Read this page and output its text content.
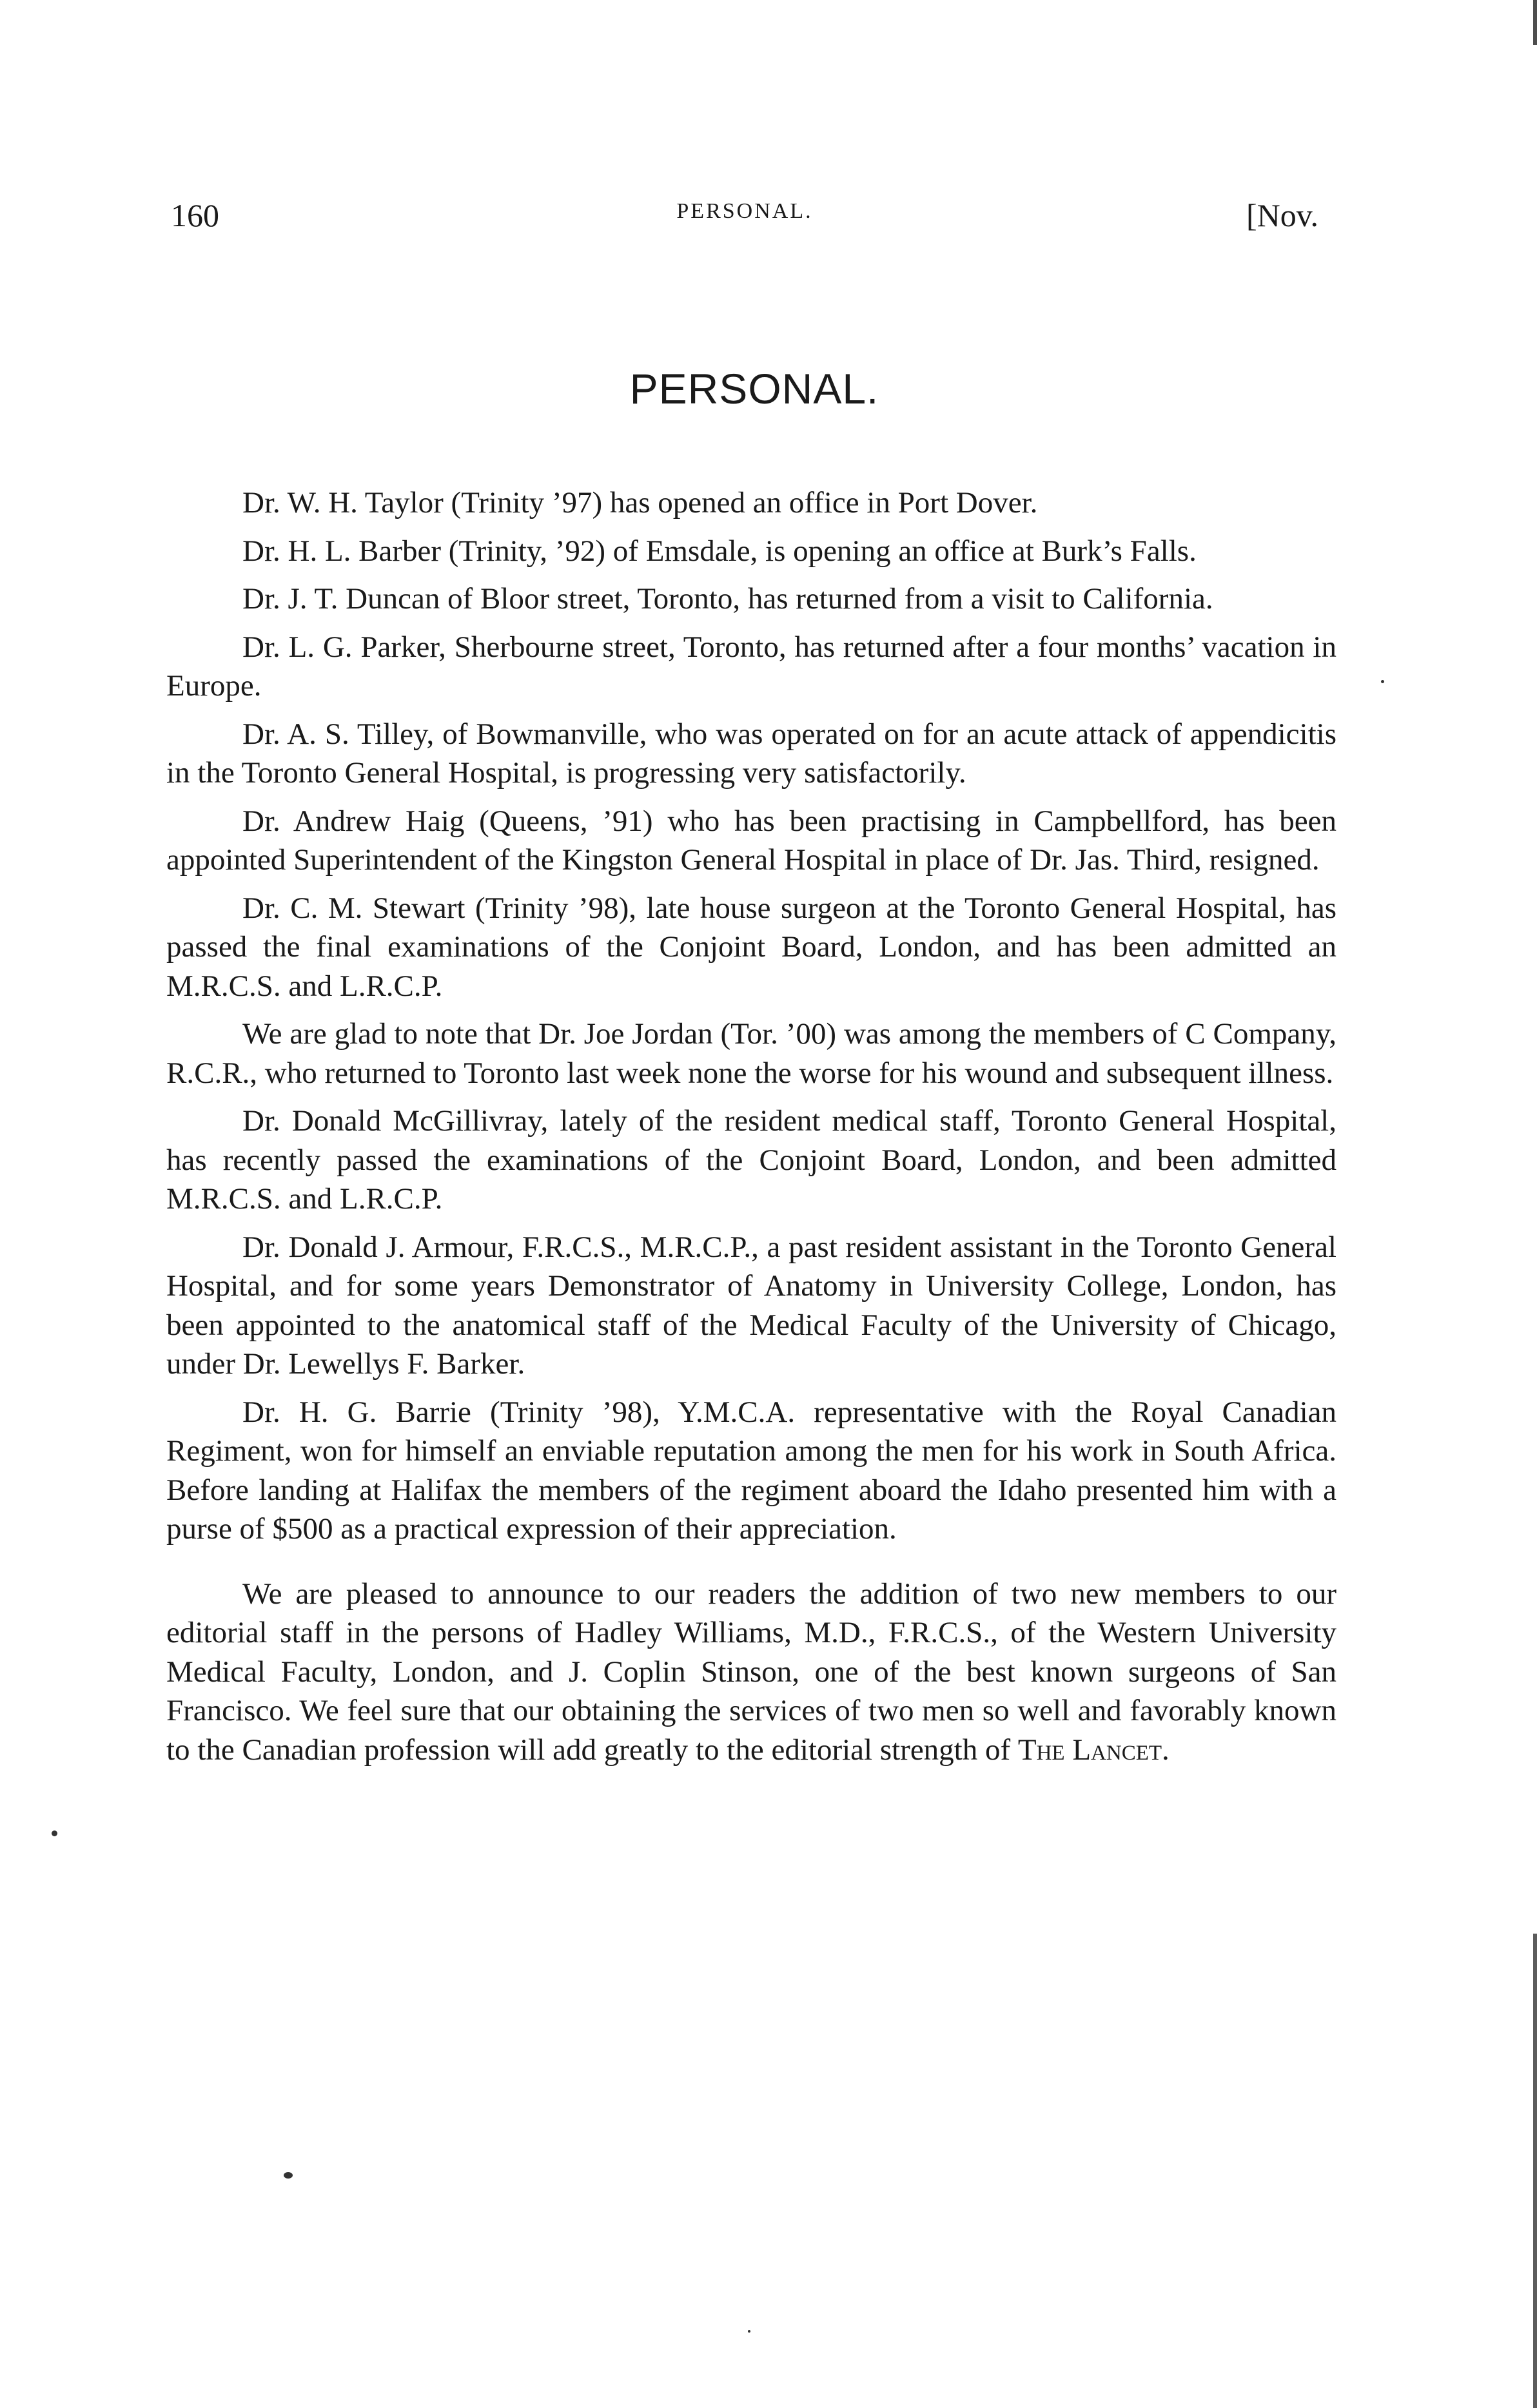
160	PERSONAL.	[Nov.
PERSONAL.

Dr. W. H. Taylor (Trinity ’97) has opened an office in Port Dover.

Dr. H. L. Barber (Trinity, ’92) of Emsdale, is opening an office at Burk’s Falls.

Dr. J. T. Duncan of Bloor street, Toronto, has returned from a visit to California.

Dr. L. G. Parker, Sherbourne street, Toronto, has returned after a four months’ vacation in Europe.

Dr. A. S. Tilley, of Bowmanville, who was operated on for an acute attack of appendicitis in the Toronto General Hospital, is progressing very satisfactorily.

Dr. Andrew Haig (Queens, ’91) who has been practising in Campbellford, has been appointed Superintendent of the Kingston General Hospital in place of Dr. Jas. Third, resigned.

Dr. C. M. Stewart (Trinity ’98), late house surgeon at the Toronto General Hospital, has passed the final examinations of the Conjoint Board, London, and has been admitted an M.R.C.S. and L.R.C.P.

We are glad to note that Dr. Joe Jordan (Tor. ’00) was among the members of C Company, R.C.R., who returned to Toronto last week none the worse for his wound and subsequent illness.

Dr. Donald McGillivray, lately of the resident medical staff, Toronto General Hospital, has recently passed the examinations of the Conjoint Board, London, and been admitted M.R.C.S. and L.R.C.P.

Dr. Donald J. Armour, F.R.C.S., M.R.C.P., a past resident assistant in the Toronto General Hospital, and for some years Demonstrator of Anatomy in University College, London, has been appointed to the anatomical staff of the Medical Faculty of the University of Chicago, under Dr. Lewellys F. Barker.

Dr. H. G. Barrie (Trinity ’98), Y.M.C.A. representative with the Royal Canadian Regiment, won for himself an enviable reputation among the men for his work in South Africa. Before landing at Halifax the members of the regiment aboard the Idaho presented him with a purse of $500 as a practical expression of their appreciation.

We are pleased to announce to our readers the addition of two new members to our editorial staff in the persons of Hadley Williams, M.D., F.R.C.S., of the Western University Medical Faculty, London, and J. Coplin Stinson, one of the best known surgeons of San Francisco. We feel sure that our obtaining the services of two men so well and favorably known to the Canadian profession will add greatly to the editorial strength of The Lancet.
